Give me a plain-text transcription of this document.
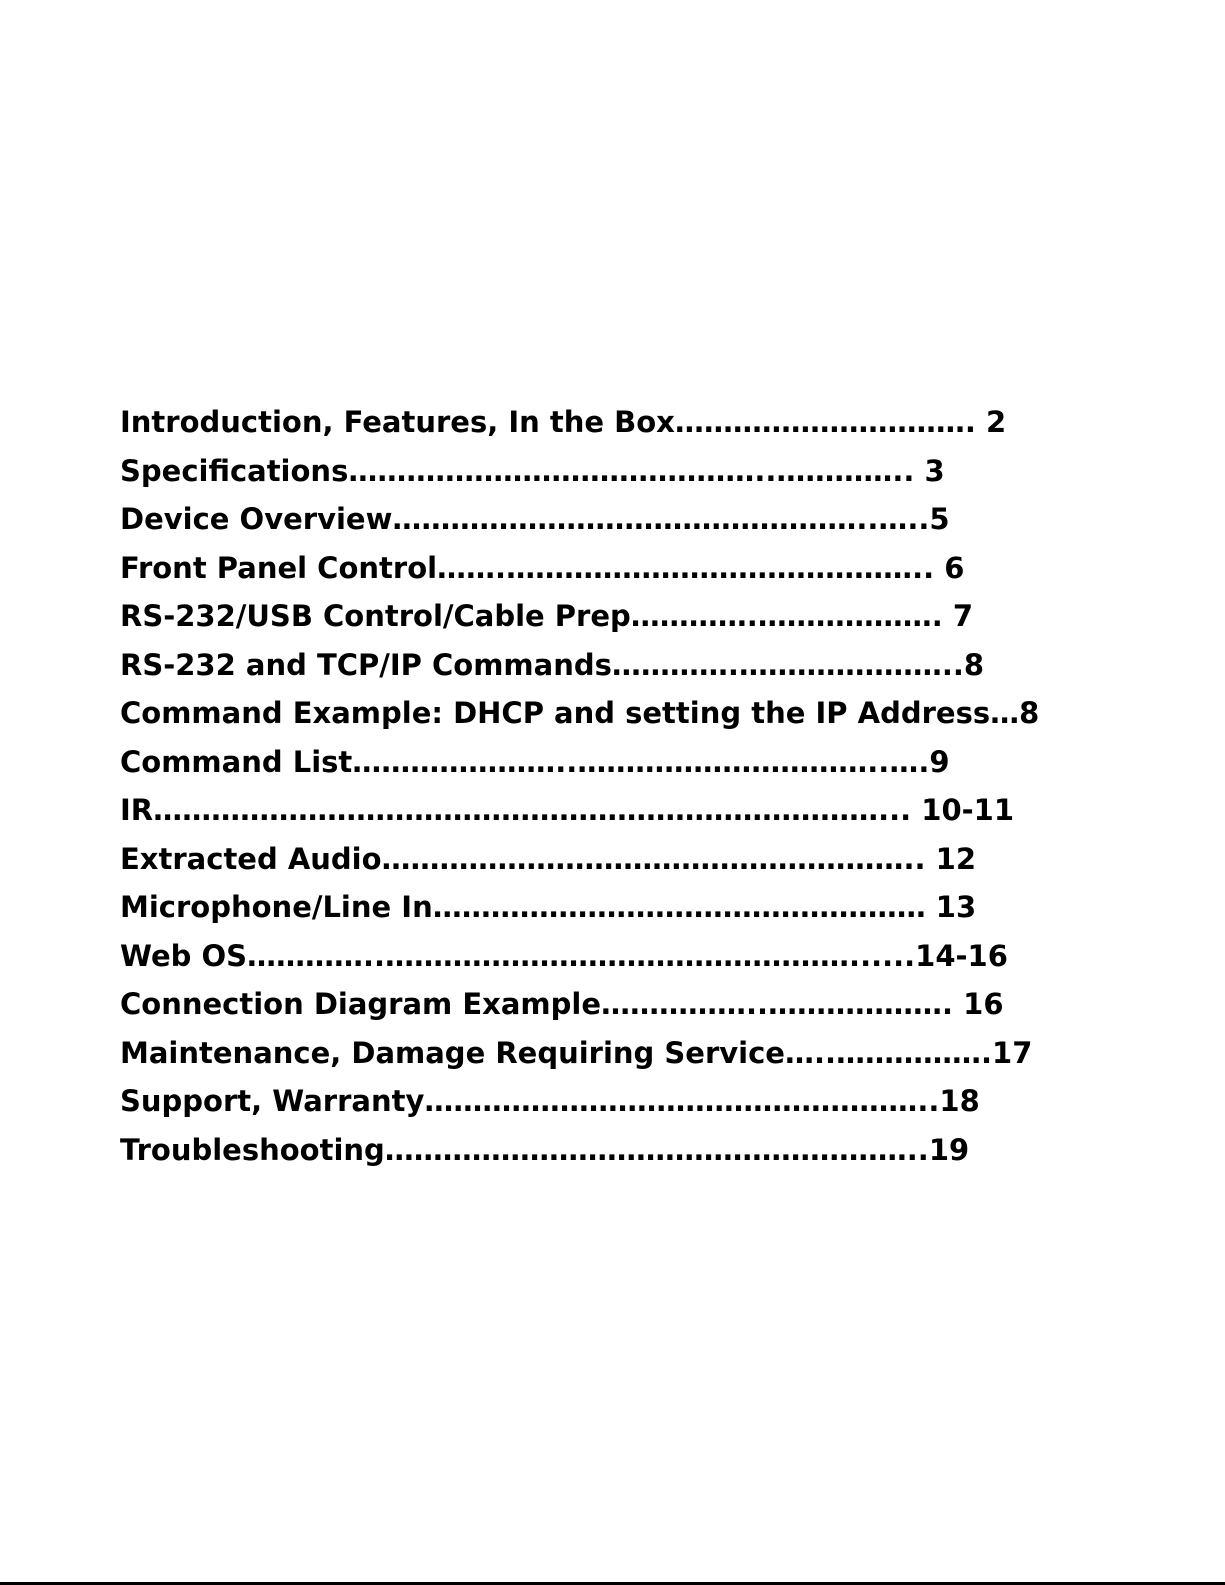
Introduction, Features, In the Box…………………………. 2
Specifications……………………………………..………….. 3
Device Overview…………………………………………..…..5
Front Panel Control…….…………………………………….. 6
RS-232/USB Control/Cable Prep………….………………. 7
RS-232 and TCP/IP Commands………….…………………..8
Command Example: DHCP and setting the IP Address…8
Command List…………………..…………………………..….9
IR…………………………………………………………………... 10-11
Extracted Audio……………………………………………….. 12
Microphone/Line In…………………………………………… 13
Web OS…………..…………………………………………......14-16
Connection Diagram Example……………..………………. 16
Maintenance, Damage Requiring Service…..…………….17
Support, Warranty……………………………………………..18
Troubleshooting………………………………………………..19
